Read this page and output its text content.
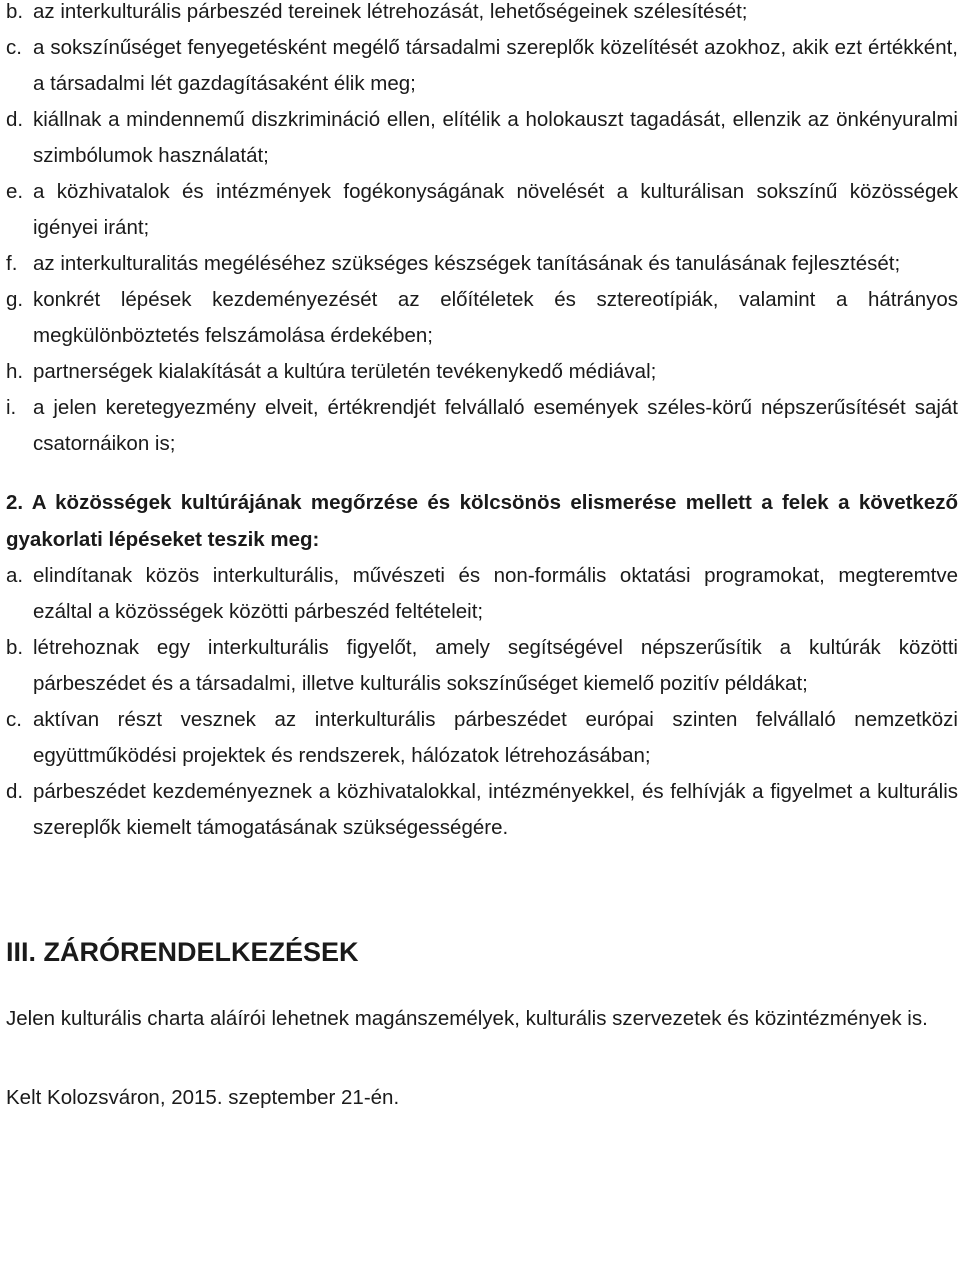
b. az interkulturális párbeszéd tereinek létrehozását, lehetőségeinek szélesítését;
c. a sokszínűséget fenyegetésként megélő társadalmi szereplők közelítését azokhoz, akik ezt értékként, a társadalmi lét gazdagításaként élik meg;
d. kiállnak a mindennemű diszkrimináció ellen, elítélik a holokauszt tagadását, ellenzik az önkényuralmi szimbólumok használatát;
e. a közhivatalok és intézmények fogékonyságának növelését a kulturálisan sokszínű közösségek igényei iránt;
f. az interkulturalitás megéléséhez szükséges készségek tanításának és tanulásának fejlesztését;
g. konkrét lépések kezdeményezését az előítéletek és sztereotípiák, valamint a hátrányos megkülönböztetés felszámolása érdekében;
h. partnerségek kialakítását a kultúra területén tevékenykedő médiával;
i. a jelen keretegyezmény elveit, értékrendjét felvállaló események széles-körű népszerűsítését saját csatornáikon is;
2. A közösségek kultúrájának megőrzése és kölcsönös elismerése mellett a felek a következő gyakorlati lépéseket teszik meg:
a. elindítanak közös interkulturális, művészeti és non-formális oktatási programokat, megteremtve ezáltal a közösségek közötti párbeszéd feltételeit;
b. létrehoznak egy interkulturális figyelőt, amely segítségével népszerűsítik a kultúrák közötti párbeszédet és a társadalmi, illetve kulturális sokszínűséget kiemelő pozitív példákat;
c. aktívan részt vesznek az interkulturális párbeszédet európai szinten felvállaló nemzetközi együttműködési projektek és rendszerek, hálózatok létrehozásában;
d. párbeszédet kezdeményeznek a közhivatalokkal, intézményekkel, és felhívják a figyelmet a kulturális szereplők kiemelt támogatásának szükségességére.
III. ZÁRÓRENDELKEZÉSEK
Jelen kulturális charta aláírói lehetnek magánszemélyek, kulturális szervezetek és közintézmények is.
Kelt Kolozsváron, 2015. szeptember 21-én.
